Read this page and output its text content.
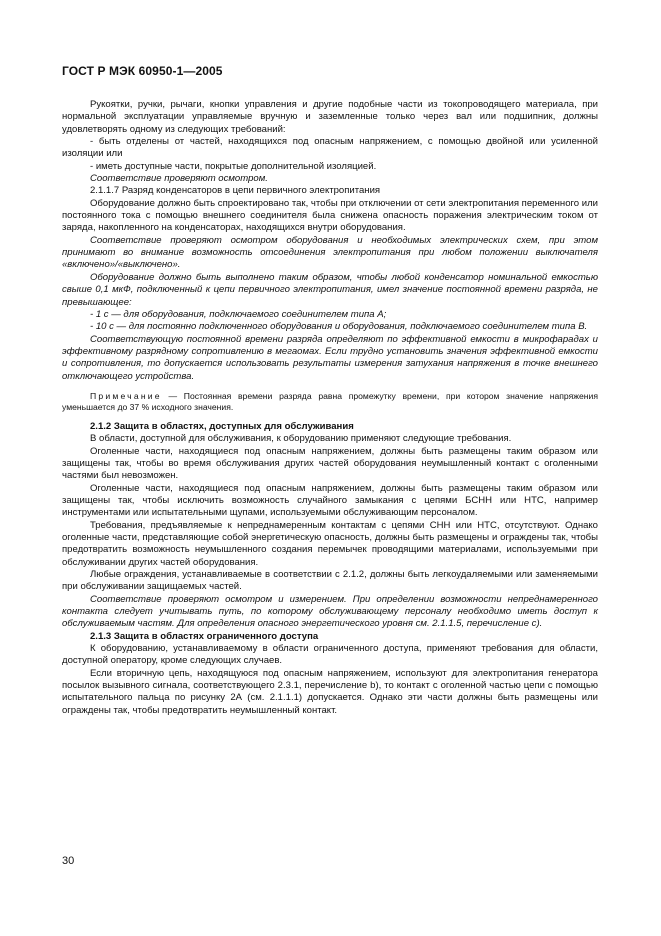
ГОСТ Р МЭК 60950-1—2005

Рукоятки, ручки, рычаги, кнопки управления и другие подобные части из токопроводящего материала, при нормальной эксплуатации управляемые вручную и заземленные только через вал или подшипник, должны удовлетворять одному из следующих требований:

- быть отделены от частей, находящихся под опасным напряжением, с помощью двойной или усиленной изоляции или

- иметь доступные части, покрытые дополнительной изоляцией.

Соответствие проверяют осмотром.

2.1.1.7 Разряд конденсаторов в цепи первичного электропитания

Оборудование должно быть спроектировано так, чтобы при отключении от сети электропитания переменного или постоянного тока с помощью внешнего соединителя была снижена опасность поражения электрическим током от заряда, накопленного на конденсаторах, находящихся внутри оборудования.

Соответствие проверяют осмотром оборудования и необходимых электрических схем, при этом принимают во внимание возможность отсоединения электропитания при любом положении выключателя «включено»/«выключено».

Оборудование должно быть выполнено таким образом, чтобы любой конденсатор номинальной емкостью свыше 0,1 мкФ, подключенный к цепи первичного электропитания, имел значение постоянной времени разряда, не превышающее:

- 1 с — для оборудования, подключаемого соединителем типа А;

- 10 с — для постоянно подключенного оборудования и оборудования, подключаемого соединителем типа В.

Соответствующую постоянной времени разряда определяют по эффективной емкости в микрофарадах и эффективному разрядному сопротивлению в мегаомах. Если трудно установить значения эффективной емкости и сопротивления, то допускается использовать результаты измерения затухания напряжения в точке внешнего отключающего устройства.

Примечание — Постоянная времени разряда равна промежутку времени, при котором значение напряжения уменьшается до 37 % исходного значения.

2.1.2 Защита в областях, доступных для обслуживания

В области, доступной для обслуживания, к оборудованию применяют следующие требования.

Оголенные части, находящиеся под опасным напряжением, должны быть размещены таким образом или защищены так, чтобы во время обслуживания других частей оборудования неумышленный контакт с оголенными частями был невозможен.

Оголенные части, находящиеся под опасным напряжением, должны быть размещены таким образом или защищены так, чтобы исключить возможность случайного замыкания с цепями БСНН или НТС, например инструментами или испытательными щупами, используемыми обслуживающим персоналом.

Требования, предъявляемые к непреднамеренным контактам с цепями СНН или НТС, отсутствуют. Однако оголенные части, представляющие собой энергетическую опасность, должны быть размещены и ограждены так, чтобы предотвратить возможность неумышленного создания перемычек проводящими материалами, используемыми при обслуживании других частей оборудования.

Любые ограждения, устанавливаемые в соответствии с 2.1.2, должны быть легкоудаляемыми или заменяемыми при обслуживании защищаемых частей.

Соответствие проверяют осмотром и измерением. При определении возможности непреднамеренного контакта следует учитывать путь, по которому обслуживающему персоналу необходимо иметь доступ к обслуживаемым частям. Для определения опасного энергетического уровня см. 2.1.1.5, перечисление с).

2.1.3 Защита в областях ограниченного доступа

К оборудованию, устанавливаемому в области ограниченного доступа, применяют требования для области, доступной оператору, кроме следующих случаев.

Если вторичную цепь, находящуюся под опасным напряжением, используют для электропитания генератора посылок вызывного сигнала, соответствующего 2.3.1, перечисление b), то контакт с оголенной частью цепи с помощью испытательного пальца по рисунку 2А (см. 2.1.1.1) допускается. Однако эти части должны быть размещены или ограждены так, чтобы предотвратить неумышленный контакт.

30
